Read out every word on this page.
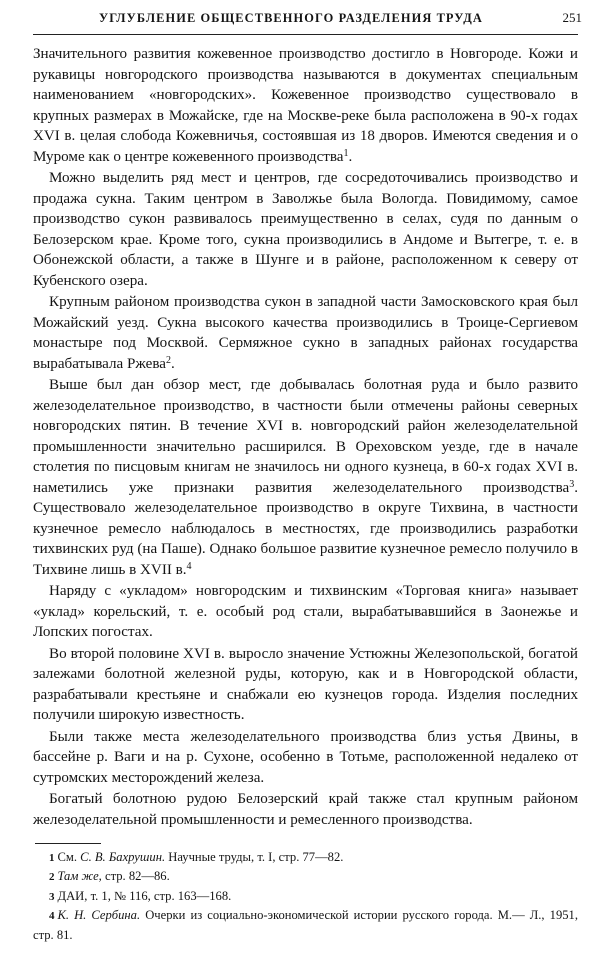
УГЛУБЛЕНИЕ ОБЩЕСТВЕННОГО РАЗДЕЛЕНИЯ ТРУДА	251

Значительного развития кожевенное производство достигло в Новгороде. Кожи и рукавицы новгородского производства называются в документах специальным наименованием «новгородских». Кожевенное производство существовало в крупных размерах в Можайске, где на Москве-реке была расположена в 90-х годах XVI в. целая слобода Кожевничья, состоявшая из 18 дворов. Имеются сведения и о Муроме как о центре кожевенного производства$^1$.

Можно выделить ряд мест и центров, где сосредоточивались производство и продажа сукна. Таким центром в Заволжье была Вологда. Повидимому, самое производство сукон развивалось преимущественно в селах, судя по данным о Белозерском крае. Кроме того, сукна производились в Андоме и Вытегре, т. е. в Обонежской области, а также в Шунге и в районе, расположенном к северу от Кубенского озера.

Крупным районом производства сукон в западной части Замосковского края был Можайский уезд. Сукна высокого качества производились в Троице-Сергиевом монастыре под Москвой. Сермяжное сукно в западных районах государства вырабатывала Ржева$^2$.

Выше был дан обзор мест, где добывалась болотная руда и было развито железоделательное производство, в частности были отмечены районы северных новгородских пятин. В течение XVI в. новгородский район железоделательной промышленности значительно расширился. В Ореховском уезде, где в начале столетия по писцовым книгам не значилось ни одного кузнеца, в 60-х годах XVI в. наметились уже признаки развития железоделательного производства$^3$. Существовало железоделательное производство в округе Тихвина, в частности кузнечное ремесло наблюдалось в местностях, где производились разработки тихвинских руд (на Паше). Однако большое развитие кузнечное ремесло получило в Тихвине лишь в XVII в.$^4$

Наряду с «укладом» новгородским и тихвинским «Торговая книга» называет «уклад» корельский, т. е. особый род стали, вырабатывавшийся в Заонежье и Лопских погостах.

Во второй половине XVI в. выросло значение Устюжны Железопольской, богатой залежами болотной железной руды, которую, как и в Новгородской области, разрабатывали крестьяне и снабжали ею кузнецов города. Изделия последних получили широкую известность.

Были также места железоделательного производства близ устья Двины, в бассейне р. Ваги и на р. Сухоне, особенно в Тотьме, расположенной недалеко от сутромских месторождений железа.

Богатый болотною рудою Белозерский край также стал крупным районом железоделательной промышленности и ремесленного производства.

1 См. С. В. Бахрушин. Научные труды, т. I, стр. 77—82.

2 Там же, стр. 82—86.

3 ДАИ, т. 1, № 116, стр. 163—168.

4 К. Н. Сербина. Очерки из социально-экономической истории русского города. М.— Л., 1951, стр. 81.
